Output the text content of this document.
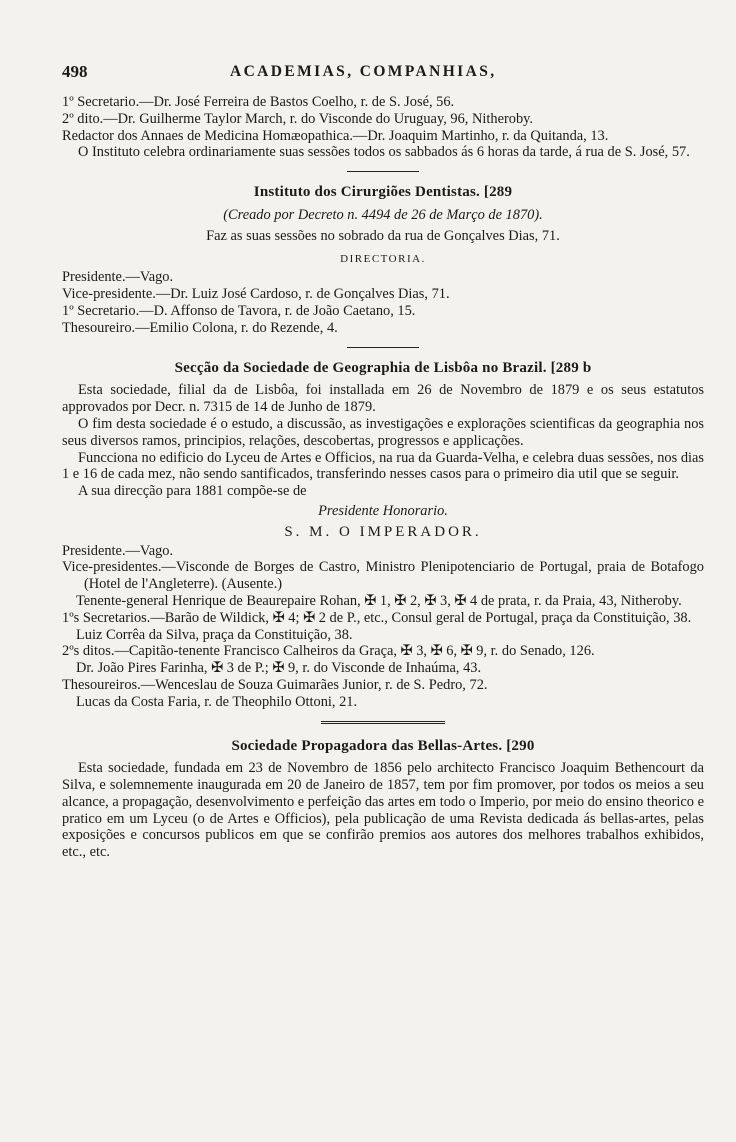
498	ACADEMIAS, COMPANHIAS,

1º Secretario.—Dr. José Ferreira de Bastos Coelho, r. de S. José, 56.

2º dito.—Dr. Guilherme Taylor March, r. do Visconde do Uruguay, 96, Nitheroby.

Redactor dos Annaes de Medicina Homæopathica.—Dr. Joaquim Martinho, r. da Quitanda, 13.

O Instituto celebra ordinariamente suas sessões todos os sabbados ás 6 horas da tarde, á rua de S. José, 57.

Instituto dos Cirurgiões Dentistas. [289
(Creado por Decreto n. 4494 de 26 de Março de 1870).
Faz as suas sessões no sobrado da rua de Gonçalves Dias, 71.
DIRECTORIA.

Presidente.—Vago.

Vice-presidente.—Dr. Luiz José Cardoso, r. de Gonçalves Dias, 71.

1º Secretario.—D. Affonso de Tavora, r. de João Caetano, 15.

Thesoureiro.—Emilio Colona, r. do Rezende, 4.

Secção da Sociedade de Geographia de Lisbôa no Brazil. [289 b

Esta sociedade, filial da de Lisbôa, foi installada em 26 de Novembro de 1879 e os seus estatutos approvados por Decr. n. 7315 de 14 de Junho de 1879.

O fim desta sociedade é o estudo, a discussão, as investigações e explorações scientificas da geographia nos seus diversos ramos, principios, relações, descobertas, progressos e applicações.

Funcciona no edificio do Lyceu de Artes e Officios, na rua da Guarda-Velha, e celebra duas sessões, nos dias 1 e 16 de cada mez, não sendo santificados, transferindo nesses casos para o primeiro dia util que se seguir.

A sua direcção para 1881 compõe-se de

Presidente Honorario.
S. M. O IMPERADOR.

Presidente.—Vago.

Vice-presidentes.—Visconde de Borges de Castro, Ministro Plenipotenciario de Portugal, praia de Botafogo (Hotel de l'Angleterre). (Ausente.)

Tenente-general Henrique de Beaurepaire Rohan, ✠ 1, ✠ 2, ✠ 3, ✠ 4 de prata, r. da Praia, 43, Nitheroby.

1ºs Secretarios.—Barão de Wildick, ✠ 4; ✠ 2 de P., etc., Consul geral de Portugal, praça da Constituição, 38.

Luiz Corrêa da Silva, praça da Constituição, 38.

2ºs ditos.—Capitão-tenente Francisco Calheiros da Graça, ✠ 3, ✠ 6, ✠ 9, r. do Senado, 126.

Dr. João Pires Farinha, ✠ 3 de P.; ✠ 9, r. do Visconde de Inhaúma, 43.

Thesoureiros.—Wenceslau de Souza Guimarães Junior, r. de S. Pedro, 72.

Lucas da Costa Faria, r. de Theophilo Ottoni, 21.

Sociedade Propagadora das Bellas-Artes. [290

Esta sociedade, fundada em 23 de Novembro de 1856 pelo architecto Francisco Joaquim Bethencourt da Silva, e solemnemente inaugurada em 20 de Janeiro de 1857, tem por fim promover, por todos os meios a seu alcance, a propagação, desenvolvimento e perfeição das artes em todo o Imperio, por meio do ensino theorico e pratico em um Lyceu (o de Artes e Officios), pela publicação de uma Revista dedicada ás bellas-artes, pelas exposições e concursos publicos em que se confirão premios aos autores dos melhores trabalhos exhibidos, etc., etc.
